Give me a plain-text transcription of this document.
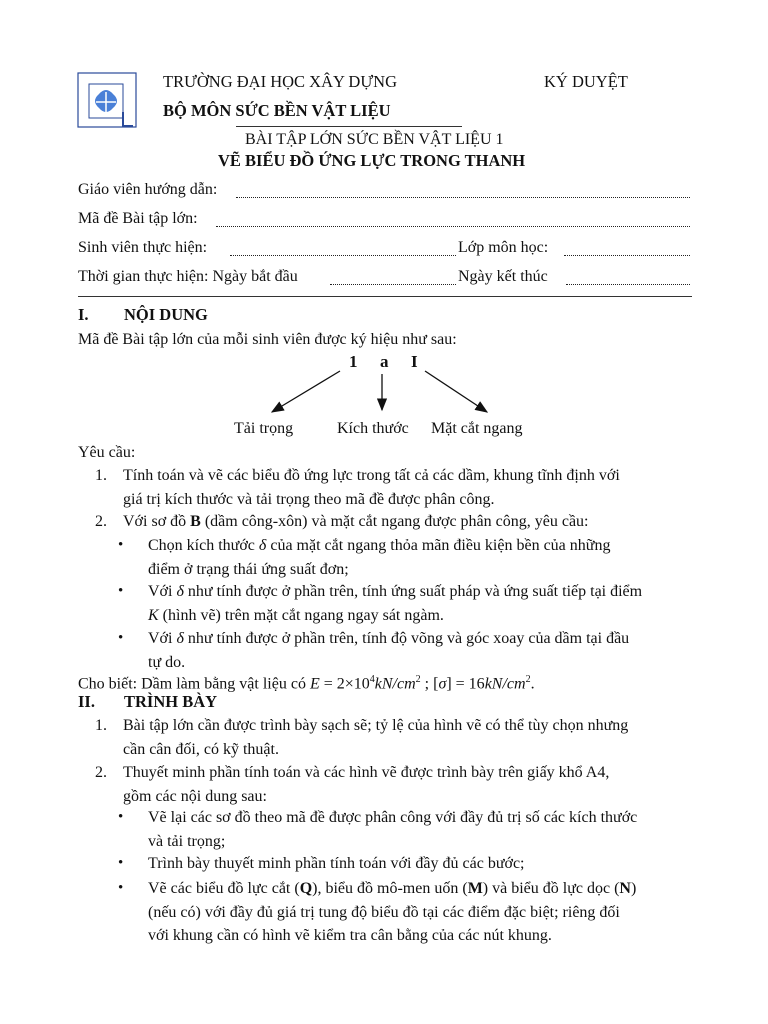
TRƯỜNG ĐẠI HỌC XÂY DỰNG	KÝ DUYỆT
BỘ MÔN SỨC BỀN VẬT LIỆU
BÀI TẬP LỚN SỨC BỀN VẬT LIỆU 1
VẼ BIỂU ĐỒ ỨNG LỰC TRONG THANH
Giáo viên hướng dẫn:
Mã đề Bài tập lớn:
Sinh viên thực hiện:	Lớp môn học:
Thời gian thực hiện: Ngày bắt đầu	Ngày kết thúc
I. NỘI DUNG
Mã đề Bài tập lớn của mỗi sinh viên được ký hiệu như sau:
1 a I
Tải trọng	Kích thước Mặt cắt ngang
Yêu cầu:
1. Tính toán và vẽ các biểu đồ ứng lực trong tất cả các dầm, khung tĩnh định với
giá trị kích thước và tải trọng theo mã đề được phân công.
2. Với sơ đồ B (dầm công-xôn) và mặt cắt ngang được phân công, yêu cầu:
• Chọn kích thước δ của mặt cắt ngang thỏa mãn điều kiện bền của những
điểm ở trạng thái ứng suất đơn;
• Với δ như tính được ở phần trên, tính ứng suất pháp và ứng suất tiếp tại điểm
K (hình vẽ) trên mặt cắt ngang ngay sát ngàm.
• Với δ như tính được ở phần trên, tính độ võng và góc xoay của dầm tại đầu
tự do.
Cho biết: Dầm làm bằng vật liệu có $E = 2\times 10^4kN/cm^2$ ; $[\sigma] = 16kN/cm^2$.
II. TRÌNH BÀY
1. Bài tập lớn cần được trình bày sạch sẽ; tỷ lệ của hình vẽ có thể tùy chọn nhưng
cần cân đối, có kỹ thuật.
2. Thuyết minh phần tính toán và các hình vẽ được trình bày trên giấy khổ A4,
gồm các nội dung sau:
• Vẽ lại các sơ đồ theo mã đề được phân công với đầy đủ trị số các kích thước
và tải trọng;
• Trình bày thuyết minh phần tính toán với đầy đủ các bước;
• Vẽ các biểu đồ lực cắt (Q), biểu đồ mô-men uốn (M) và biểu đồ lực dọc (N)
(nếu có) với đầy đủ giá trị tung độ biểu đồ tại các điểm đặc biệt; riêng đối
với khung cần có hình vẽ kiểm tra cân bằng của các nút khung.
